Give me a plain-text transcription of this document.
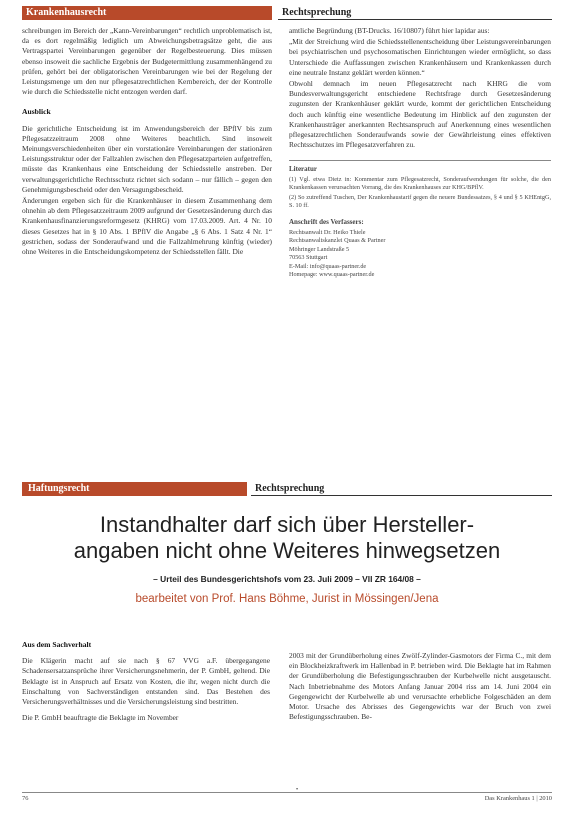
Krankenhausrecht	Rechtsprechung

schreibungen im Bereich der „Kann-Vereinbarungen“ rechtlich unproblematisch ist, da es dort regelmäßig lediglich um Abweichungsbetragsätze geht, die aus Vertragspartei Vereinbarungen gegenüber der Regelbesteuerung. Dies müssen ebenso insoweit die sachliche Ergebnis der Budgetermittlung zusammenhängend zu prüfen, gehört bei der obligatorischen Vereinbarungen wie bei der Regelung der Leistungsmenge um den nur pflegesatzrechtlichen Kernbereich, der der Kontrolle wie durch die Schiedsstelle nicht entzogen werden darf.

Ausblick

Die gerichtliche Entscheidung ist im Anwendungsbereich der BPflV bis zum Pflegesatzzeitraum 2008 ohne Weiteres beachtlich. Sind insoweit Meinungsverschiedenheiten über ein vorstationäre Vereinbarungen der stationären Leistungsstruktur oder der Fallzahlen zwischen den Pflegesatzparteien aufgetreffen, müsste das Krankenhaus eine Entscheidung der Schiedsstelle anstreben. Der verwaltungsgerichtliche Rechtsschutz richtet sich sodann – nur fällich – gegen den Genehmigungsbescheid oder den Versagungsbescheid.

Änderungen ergeben sich für die Krankenhäuser in diesem Zusammenhang dem ohnehin ab dem Pflegesatzzeitraum 2009 aufgrund der Gesetzesänderung durch das Krankenhausfinanzierungsreformgesetz (KHRG) vom 17.03.2009. Art. 4 Nr. 10 dieses Gesetzes hat in § 10 Abs. 1 BPflV die Angabe „§ 6 Abs. 1 Satz 4 Nr. 1“ gestrichen, sodass der Sonderaufwand und die Fallzahlmehrung künftig (wieder) ohne Weiteres in die Entscheidungskompetenz der Schiedsstellen fällt. Die

amtliche Begründung (BT-Drucks. 16/10807) führt hier lapidar aus:

„Mit der Streichung wird die Schiedsstellenentscheidung über Leistungsvereinbarungen bei psychiatrischen und psychosomatischen Einrichtungen wieder ermöglicht, so dass Unterschiede die Auffassungen zwischen Krankenhäusern und Krankenkassen durch eine neutrale Instanz geklärt werden können.“

Obwohl demnach im neuen Pflegesatzrecht nach KHRG die vom Bundesverwaltungsgericht entschiedene Rechtsfrage durch Gesetzesänderung zugunsten der Krankenhäuser geklärt wurde, kommt der gerichtlichen Entscheidung doch auch künftig eine wesentliche Bedeutung im Hinblick auf den zugunsten der Krankenhausträger anerkannten Rechtsanspruch auf Anerkennung eines wesentlichen pflegesatzrechtlichen Sonderaufwands sowie der Gewährleistung eines effektiven Rechtsschutzes im Pflegesatzverfahren zu.

Literatur

(1) Vgl. etwa Dietz in: Kommentar zum Pflegesatzrecht, Sonderaufwendungen für solche, die den Krankenkassen verursachten Vorrang, die des Krankenhauses zur KHG/BPflV.

(2) So zutreffend Tuschen, Der Krankenhaustarif gegen die neuere Bundessatzes, § 4 und § 5 KHEntgG, S. 10 ff.

Anschrift des Verfassers:
Rechtsanwalt Dr. Heiko Thiele
Rechtsanwaltskanzlei Quaas & Partner
Möhringer Landstraße 5
70563 Stuttgart
E-Mail: info@quaas-partner.de
Homepage: www.quaas-partner.de
Haftungsrecht	Rechtsprechung
Instandhalter darf sich über Hersteller-
angaben nicht ohne Weiteres hinwegsetzen
– Urteil des Bundesgerichtshofs vom 23. Juli 2009 – VII ZR 164/08 –
bearbeitet von Prof. Hans Böhme, Jurist in Mössingen/Jena
Aus dem Sachverhalt

Die Klägerin macht auf sie nach § 67 VVG a.F. übergegangene Schadensersatzansprüche ihrer Versicherungsnehmerin, der P. GmbH, geltend. Die Beklagte ist in Anspruch auf Ersatz von Kosten, die ihr, wegen nicht durch die Einschaltung von Sachverständigen entstanden sind. Das Bestehen des Versicherungsverhältnisses und die Versicherungsleistung sind bestritten.

Die P. GmbH beauftragte die Beklagte im November

2003 mit der Grundüberholung eines Zwölf-Zylinder-Gasmotors der Firma C., mit dem ein Blockheizkraftwerk im Hallenbad in P. betrieben wird. Die Beklagte hat im Rahmen der Grundüberholung die Befestigungsschrauben der Kurbelwelle nicht ausgetauscht. Nach Inbetriebnahme des Motors Anfang Januar 2004 riss am 14. Juni 2004 ein Gegengewicht der Kurbelwelle ab und verursachte erhebliche Folgeschäden an dem Motor. Ursache des Abrisses des Gegengewichts war der Bruch von zwei Befestigungsschrauben. Be-

•
76	Das Krankenhaus 1 | 2010
